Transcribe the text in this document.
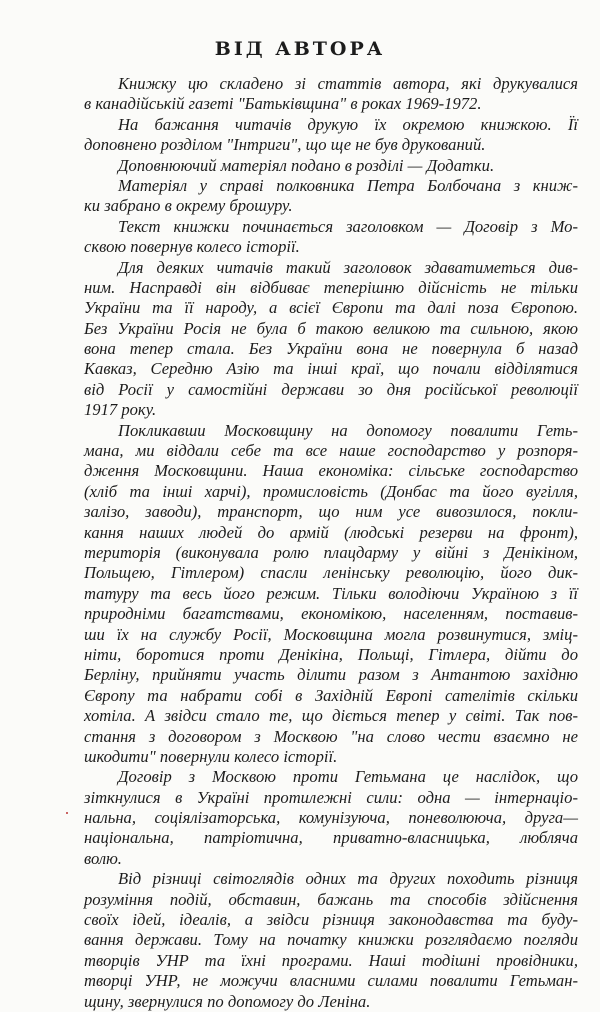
ВІД АВТОРА
Книжку цю складено зі статтів автора, які друкувалися
в канадійській газеті "Батьківщина" в роках 1969-1972.
На бажання читачів друкую їх окремою книжкою. Її
доповнено розділом "Інтриги", що ще не був друкований.
Доповнюючий матеріял подано в розділі — Додатки.
Матеріял у справі полковника Петра Болбочана з книж-
ки забрано в окрему брошуру.
Текст книжки починається заголовком — Договір з Мо-
сквою повернув колесо історії.
Для деяких читачів такий заголовок здаватиметься див-
ним. Насправді він відбиває теперішню дійсність не тільки
України та її народу, а всієї Європи та далі поза Європою.
Без України Росія не була б такою великою та сильною, якою
вона тепер стала. Без України вона не повернула б назад
Кавказ, Середню Азію та інші краї, що почали відділятися
від Росії у самостійні держави зо дня російської революції
1917 року.
Покликавши Московщину на допомогу повалити Геть-
мана, ми віддали себе та все наше господарство у розпоря-
дження Московщини. Наша економіка: сільське господарство
(хліб та інші харчі), промисловість (Донбас та його вугілля,
залізо, заводи), транспорт, що ним усе вивозилося, покли-
кання наших людей до армій (людські резерви на фронт),
територія (виконувала ролю плацдарму у війні з Денікіном,
Польщею, Гітлером) спасли ленінську революцію, його дик-
татуру та весь його режим. Тільки володіючи Україною з її
природніми багатствами, економікою, населенням, поставив-
ши їх на службу Росії, Московщина могла розвинутися, зміц-
ніти, боротися проти Денікіна, Польщі, Гітлера, дійти до
Берліну, прийняти участь ділити разом з Антантою західню
Європу та набрати собі в Західній Европі сателітів скільки
хотіла. А звідси стало те, що діється тепер у світі. Так пов-
стання з договором з Москвою "на слово чести взаємно не
шкодити" повернули колесо історії.
Договір з Москвою проти Гетьмана це наслідок, що
зіткнулися в Україні протилежні сили: одна — інтернаціо-
нальна, соціялізаторська, комунізуюча, поневолююча, друга—
національна, патріотична, приватно-власницька, любляча
волю.
Від різниці світоглядів одних та других походить різниця
розуміння подій, обставин, бажань та способів здійснення
своїх ідей, ідеалів, а звідси різниця законодавства та буду-
вання держави. Тому на початку книжки розглядаємо погляди
творців УНР та їхні програми. Наші тодішні провідники,
творці УНР, не можучи власними силами повалити Гетьман-
щину, звернулися по допомогу до Леніна.
